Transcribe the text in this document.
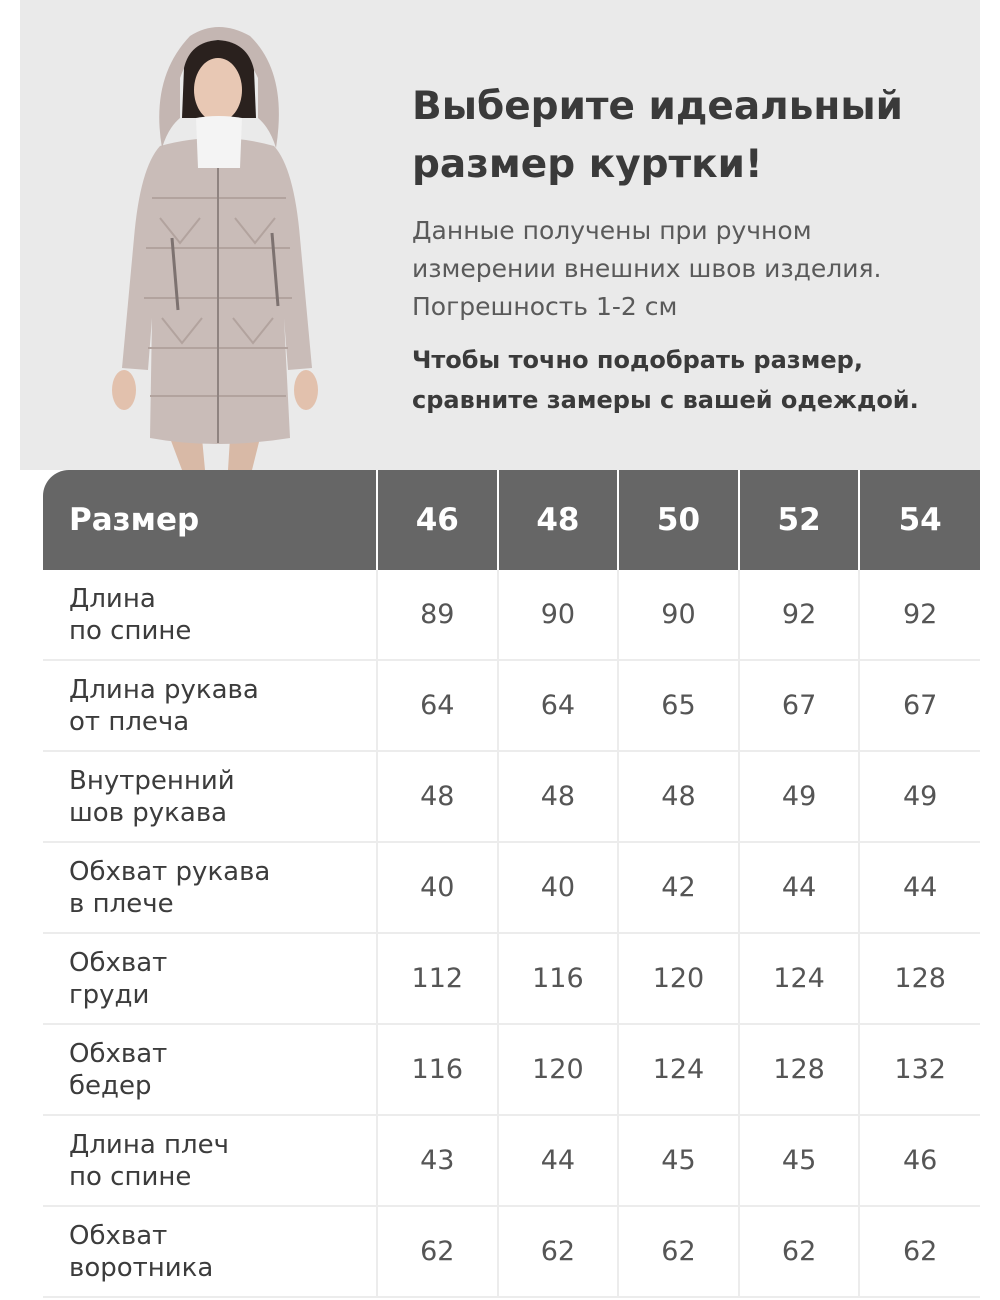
Выберите идеальный
размер куртки!

Данные получены при ручном
измерении внешних швов изделия.
Погрешность 1-2 см

Чтобы точно подобрать размер,
сравните замеры с вашей одеждой.

Размер	46	48	50	52	54

Длина
по спине	89	90	90	92	92

Длина рукава
от плеча	64	64	65	67	67

Внутренний
шов рукава	48	48	48	49	49

Обхват рукава
в плече	40	40	42	44	44

Обхват
груди	112	116	120	124	128

Обхват
бедер	116	120	124	128	132

Длина плеч
по спине	43	44	45	45	46

Обхват
воротника	62	62	62	62	62
